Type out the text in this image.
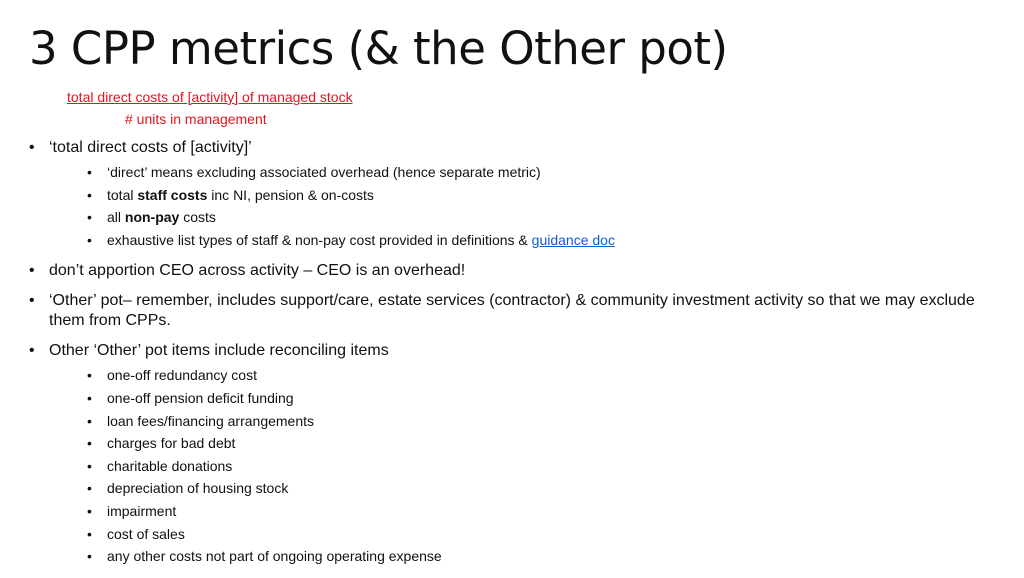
3 CPP metrics (& the Other pot)
total direct costs of [activity] of managed stock
# units in management
• ‘total direct costs of [activity]’
• ‘direct’ means excluding associated overhead (hence separate metric)
• total staff costs inc NI, pension & on-costs
• all non-pay costs
• exhaustive list types of staff & non-pay cost provided in definitions & guidance doc
• don’t apportion CEO across activity – CEO is an overhead!
• ‘Other’ pot– remember, includes support/care, estate services (contractor) & community investment activity so that we may exclude them from CPPs.
• Other ‘Other’ pot items include reconciling items
• one-off redundancy cost
• one-off pension deficit funding
• loan fees/financing arrangements
• charges for bad debt
• charitable donations
• depreciation of housing stock
• impairment
• cost of sales
• any other costs not part of ongoing operating expense
